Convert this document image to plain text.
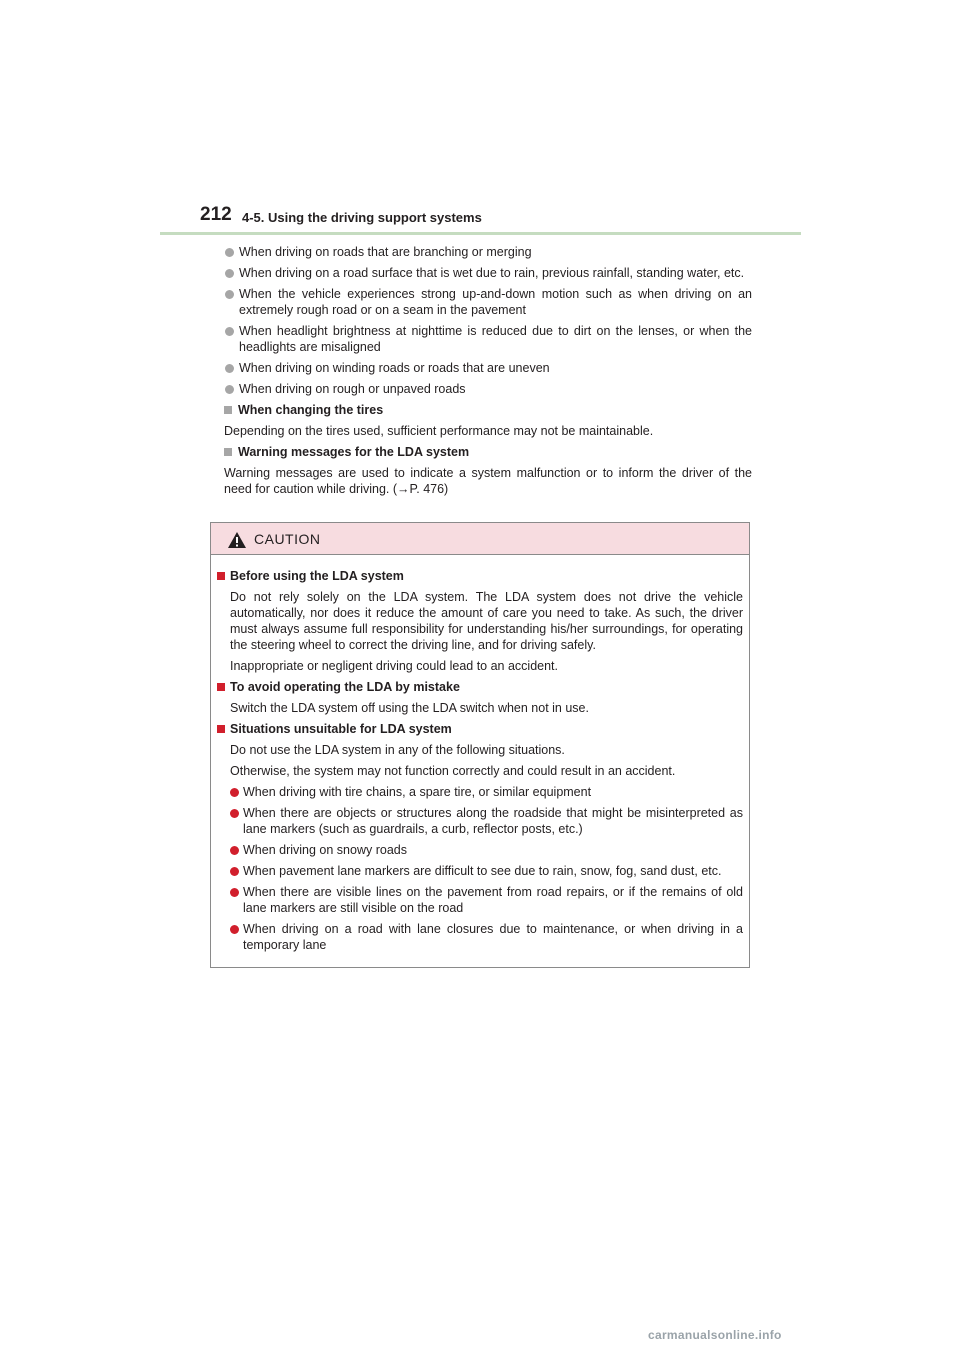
212 4-5. Using the driving support systems
When driving on roads that are branching or merging
When driving on a road surface that is wet due to rain, previous rainfall, standing water, etc.
When the vehicle experiences strong up-and-down motion such as when driving on an extremely rough road or on a seam in the pavement
When headlight brightness at nighttime is reduced due to dirt on the lenses, or when the headlights are misaligned
When driving on winding roads or roads that are uneven
When driving on rough or unpaved roads
When changing the tires
Depending on the tires used, sufficient performance may not be maintainable.
Warning messages for the LDA system
Warning messages are used to indicate a system malfunction or to inform the driver of the need for caution while driving. (→P. 476)
CAUTION
Before using the LDA system
Do not rely solely on the LDA system. The LDA system does not drive the vehicle automatically, nor does it reduce the amount of care you need to take. As such, the driver must always assume full responsibility for understanding his/her surroundings, for operating the steering wheel to correct the driving line, and for driving safely.
Inappropriate or negligent driving could lead to an accident.
To avoid operating the LDA by mistake
Switch the LDA system off using the LDA switch when not in use.
Situations unsuitable for LDA system
Do not use the LDA system in any of the following situations.
Otherwise, the system may not function correctly and could result in an accident.
When driving with tire chains, a spare tire, or similar equipment
When there are objects or structures along the roadside that might be misinterpreted as lane markers (such as guardrails, a curb, reflector posts, etc.)
When driving on snowy roads
When pavement lane markers are difficult to see due to rain, snow, fog, sand dust, etc.
When there are visible lines on the pavement from road repairs, or if the remains of old lane markers are still visible on the road
When driving on a road with lane closures due to maintenance, or when driving in a temporary lane
carmanualsonline.info
